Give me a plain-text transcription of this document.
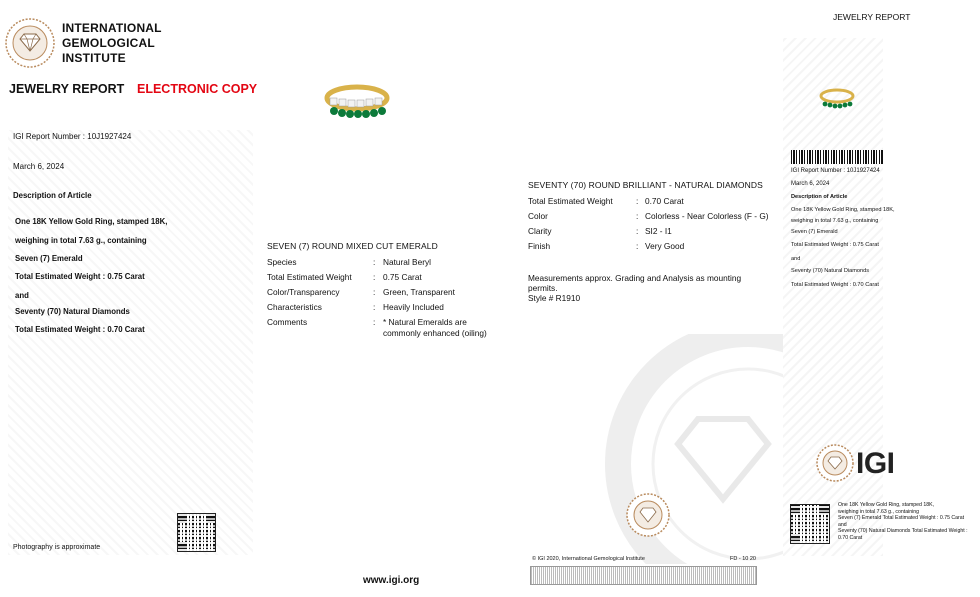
INTERNATIONAL
GEMOLOGICAL
INSTITUTE
JEWELRY REPORT ELECTRONIC COPY
IGI Report Number : 10J1927424
March 6, 2024
Description of Article
One 18K Yellow Gold Ring, stamped 18K,
weighing in total 7.63 g., containing
Seven (7) Emerald
Total Estimated Weight : 0.75 Carat
and
Seventy (70) Natural Diamonds
Total Estimated Weight : 0.70 Carat
Photography is approximate
SEVEN (7) ROUND MIXED CUT EMERALD
Species	: Natural Beryl
Total Estimated Weight	: 0.75 Carat
Color/Transparency	: Green, Transparent
Characteristics	: Heavily Included
Comments	: * Natural Emeralds are
commonly enhanced (oiling)
SEVENTY (70) ROUND BRILLIANT - NATURAL DIAMONDS
Total Estimated Weight	: 0.70 Carat
Color	: Colorless - Near Colorless (F - G)
Clarity	: SI2 - I1
Finish	: Very Good
Measurements approx. Grading and Analysis as mounting
permits.
Style # R1910
© IGI 2020, International Gemological Institute	FD - 10 20
www.igi.org
JEWELRY REPORT
IGI Report Number : 10J1927424
March 6, 2024
Description of Article
One 18K Yellow Gold Ring, stamped 18K,
weighing in total 7.63 g., containing
Seven (7) Emerald
Total Estimated Weight : 0.75 Carat
and
Seventy (70) Natural Diamonds
Total Estimated Weight : 0.70 Carat
IGI
One 18K Yellow Gold Ring, stamped 18K,
weighing in total 7.63 g., containing
Seven (7) Emerald Total Estimated Weight : 0.75 Carat
and
Seventy (70) Natural Diamonds Total Estimated Weight :
0.70 Carat
